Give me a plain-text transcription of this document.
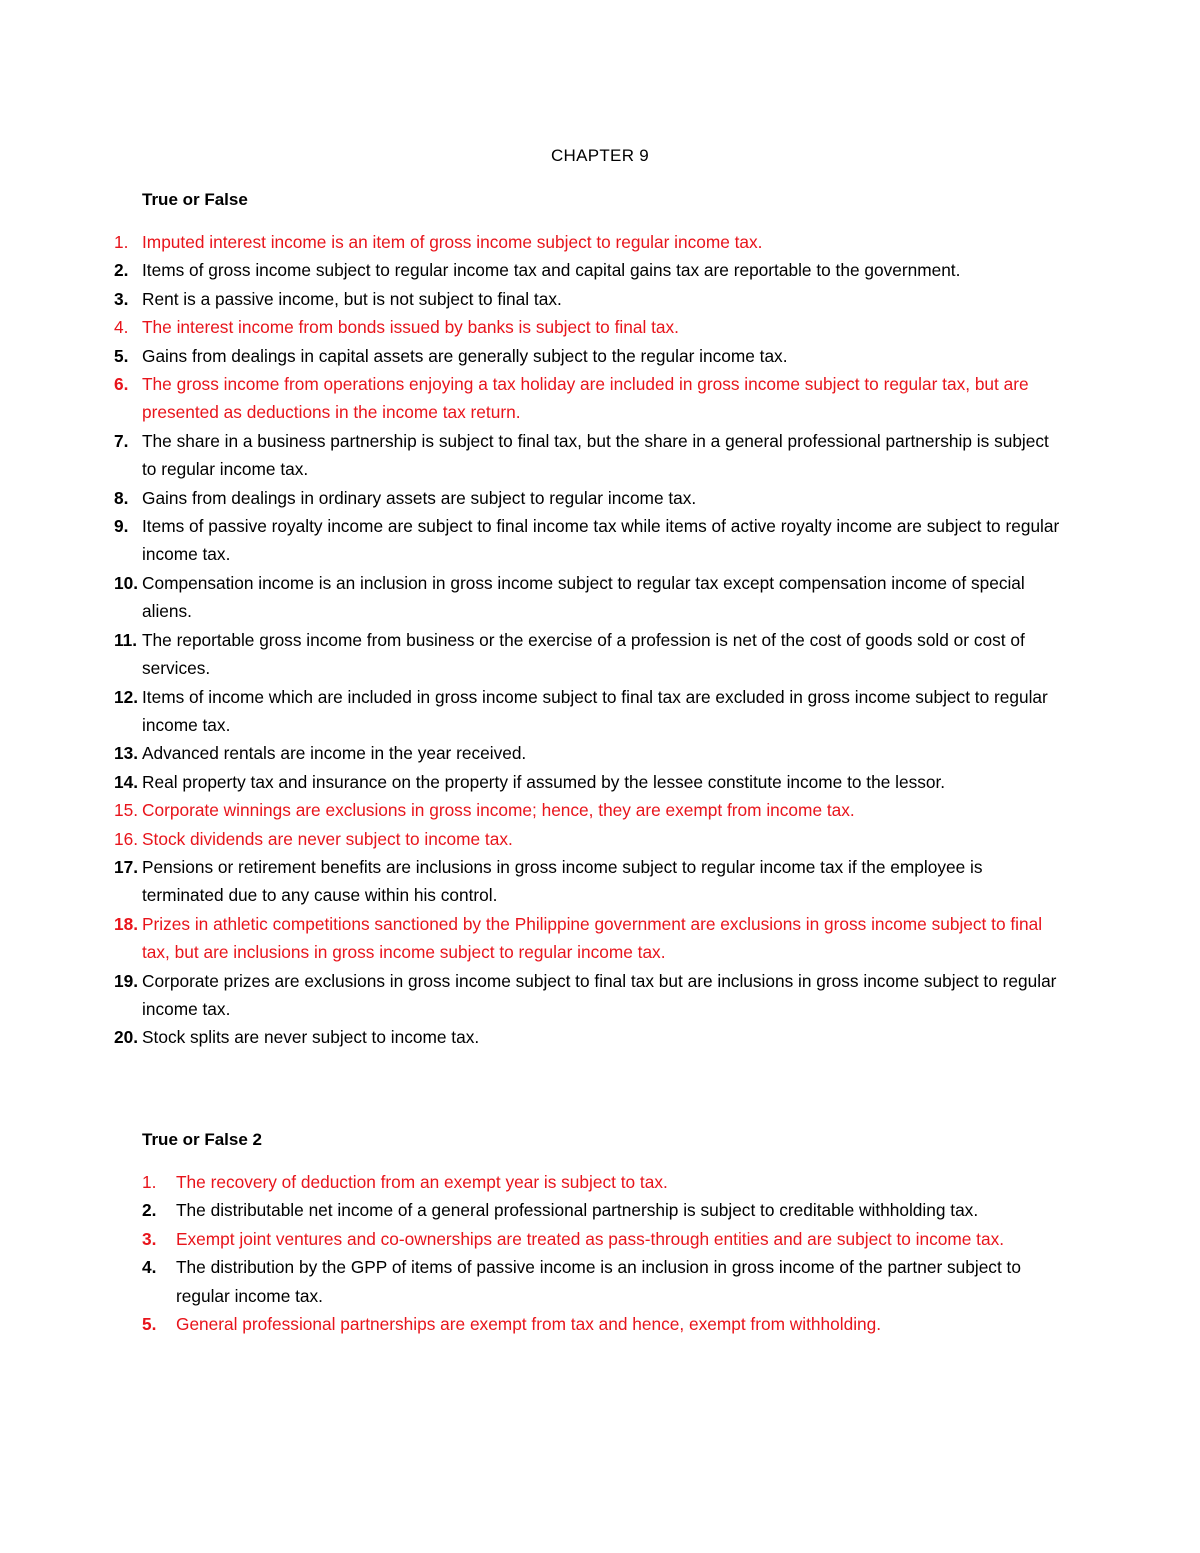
CHAPTER 9
True or False
1. Imputed interest income is an item of gross income subject to regular income tax.
2. Items of gross income subject to regular income tax and capital gains tax are reportable to the government.
3. Rent is a passive income, but is not subject to final tax.
4. The interest income from bonds issued by banks is subject to final tax.
5. Gains from dealings in capital assets are generally subject to the regular income tax.
6. The gross income from operations enjoying a tax holiday are included in gross income subject to regular tax, but are presented as deductions in the income tax return.
7. The share in a business partnership is subject to final tax, but the share in a general professional partnership is subject to regular income tax.
8. Gains from dealings in ordinary assets are subject to regular income tax.
9. Items of passive royalty income are subject to final income tax while items of active royalty income are subject to regular income tax.
10. Compensation income is an inclusion in gross income subject to regular tax except compensation income of special aliens.
11. The reportable gross income from business or the exercise of a profession is net of the cost of goods sold or cost of services.
12. Items of income which are included in gross income subject to final tax are excluded in gross income subject to regular income tax.
13. Advanced rentals are income in the year received.
14. Real property tax and insurance on the property if assumed by the lessee constitute income to the lessor.
15. Corporate winnings are exclusions in gross income; hence, they are exempt from income tax.
16. Stock dividends are never subject to income tax.
17. Pensions or retirement benefits are inclusions in gross income subject to regular income tax if the employee is terminated due to any cause within his control.
18. Prizes in athletic competitions sanctioned by the Philippine government are exclusions in gross income subject to final tax, but are inclusions in gross income subject to regular income tax.
19. Corporate prizes are exclusions in gross income subject to final tax but are inclusions in gross income subject to regular income tax.
20. Stock splits are never subject to income tax.
True or False 2
1.	The recovery of deduction from an exempt year is subject to tax.
2.	The distributable net income of a general professional partnership is subject to creditable withholding tax.
3.	Exempt joint ventures and co-ownerships are treated as pass-through entities and are subject to income tax.
4.	The distribution by the GPP of items of passive income is an inclusion in gross income of the partner subject to regular income tax.
5.	General professional partnerships are exempt from tax and hence, exempt from withholding.
